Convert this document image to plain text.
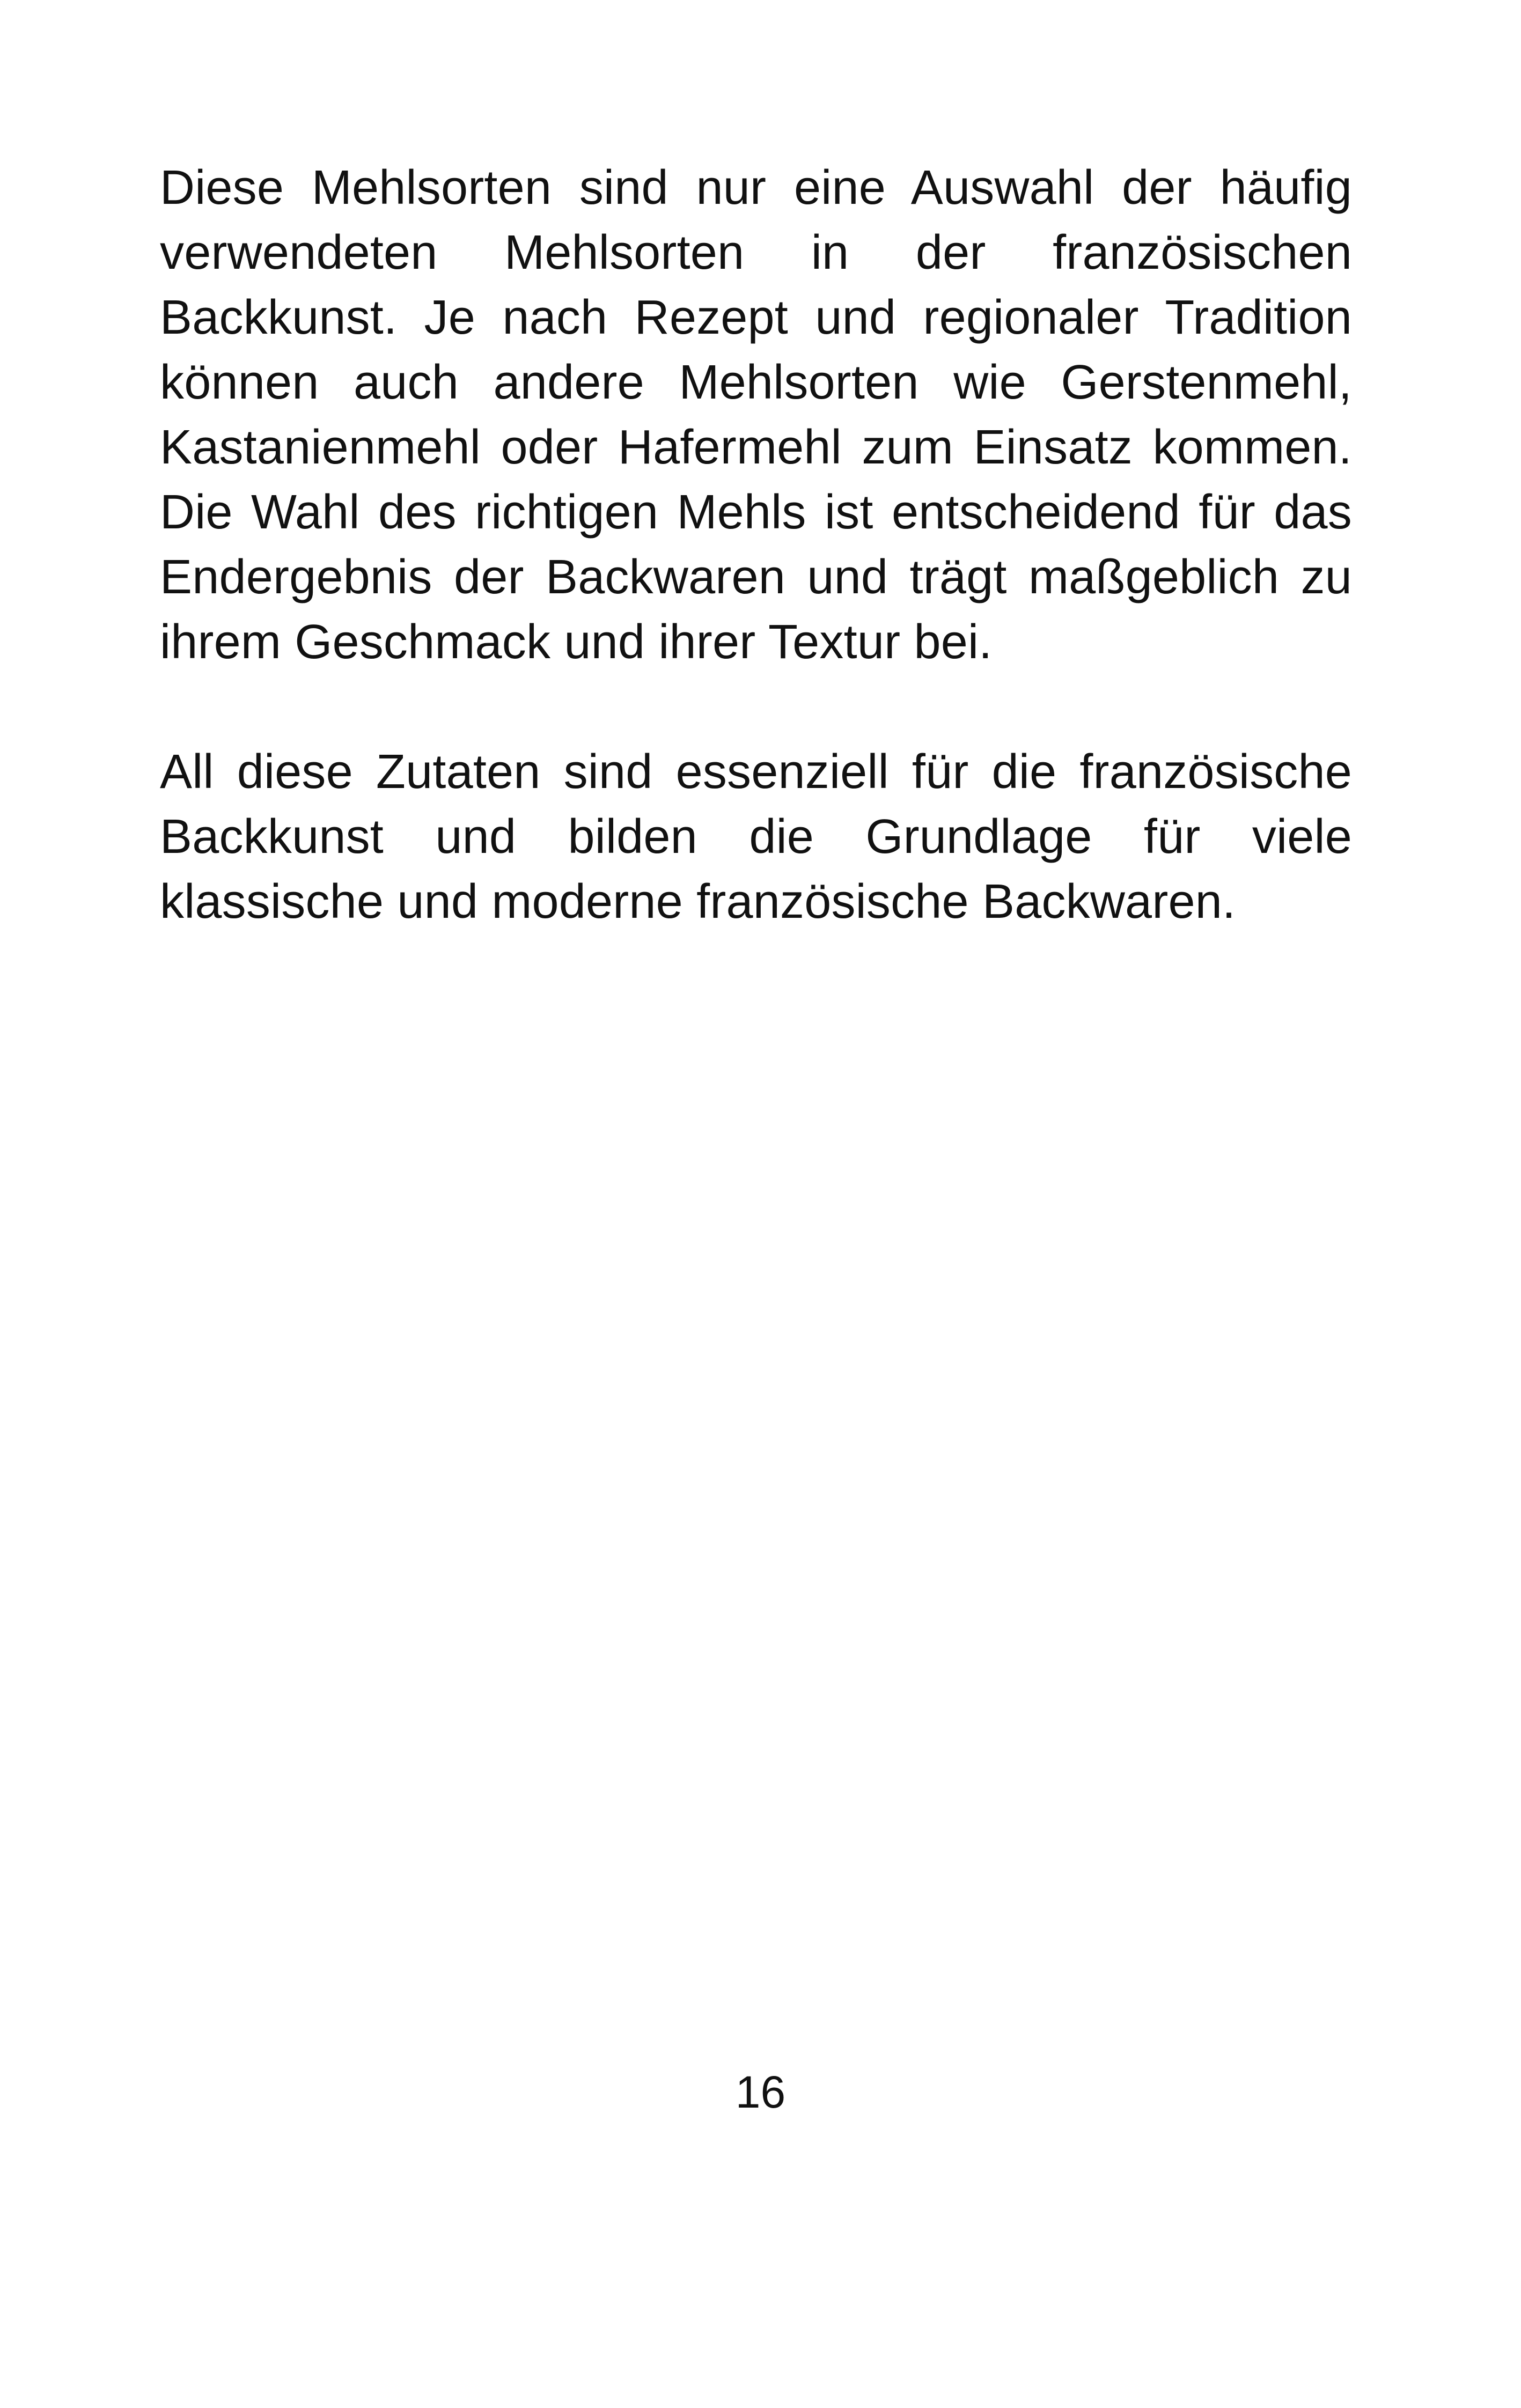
Diese Mehlsorten sind nur eine Auswahl der häufig verwendeten Mehlsorten in der französischen Backkunst. Je nach Rezept und regionaler Tradition können auch andere Mehlsorten wie Gerstenmehl, Kastanienmehl oder Hafermehl zum Einsatz kommen. Die Wahl des richtigen Mehls ist entscheidend für das Endergebnis der Backwaren und trägt maßgeblich zu ihrem Geschmack und ihrer Textur bei.

All diese Zutaten sind essenziell für die französische Backkunst und bilden die Grundlage für viele klassische und moderne französische Backwaren.

16
